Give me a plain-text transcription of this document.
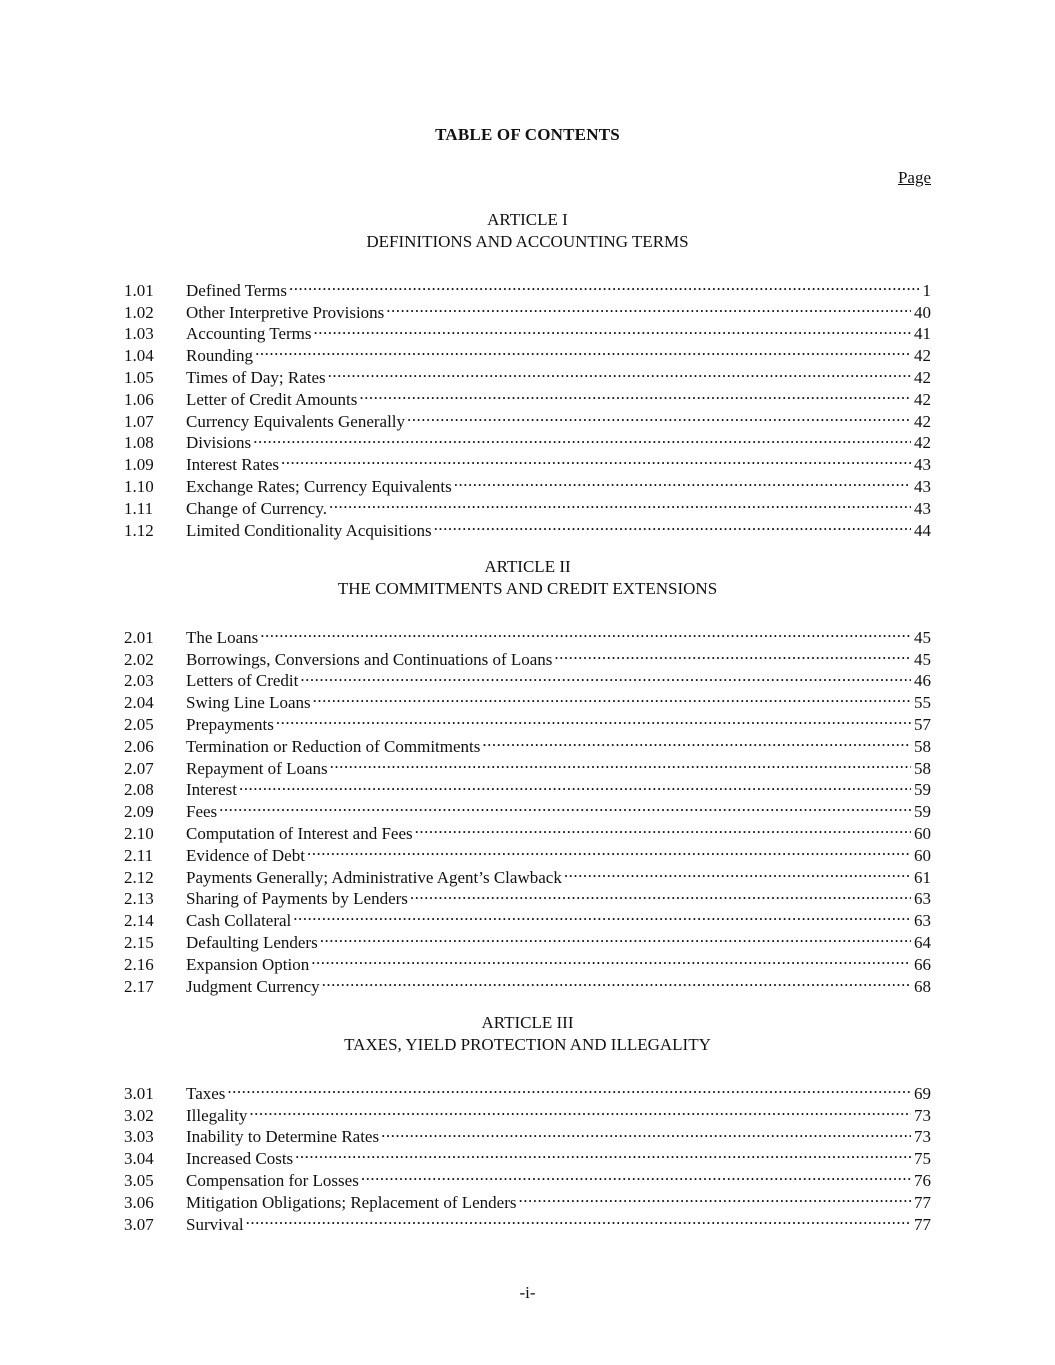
TABLE OF CONTENTS
Page
ARTICLE I
DEFINITIONS AND ACCOUNTING TERMS
1.01	Defined Terms .....	1
1.02	Other Interpretive Provisions .....	40
1.03	Accounting Terms .....	41
1.04	Rounding .....	42
1.05	Times of Day; Rates .....	42
1.06	Letter of Credit Amounts .....	42
1.07	Currency Equivalents Generally .....	42
1.08	Divisions .....	42
1.09	Interest Rates .....	43
1.10	Exchange Rates; Currency Equivalents .....	43
1.11	Change of Currency. .....	43
1.12	Limited Conditionality Acquisitions .....	44
ARTICLE II
THE COMMITMENTS AND CREDIT EXTENSIONS
2.01	The Loans .....	45
2.02	Borrowings, Conversions and Continuations of Loans .....	45
2.03	Letters of Credit .....	46
2.04	Swing Line Loans .....	55
2.05	Prepayments .....	57
2.06	Termination or Reduction of Commitments .....	58
2.07	Repayment of Loans .....	58
2.08	Interest .....	59
2.09	Fees .....	59
2.10	Computation of Interest and Fees .....	60
2.11	Evidence of Debt .....	60
2.12	Payments Generally; Administrative Agent’s Clawback .....	61
2.13	Sharing of Payments by Lenders .....	63
2.14	Cash Collateral .....	63
2.15	Defaulting Lenders .....	64
2.16	Expansion Option .....	66
2.17	Judgment Currency .....	68
ARTICLE III
TAXES, YIELD PROTECTION AND ILLEGALITY
3.01	Taxes .....	69
3.02	Illegality .....	73
3.03	Inability to Determine Rates .....	73
3.04	Increased Costs .....	75
3.05	Compensation for Losses .....	76
3.06	Mitigation Obligations; Replacement of Lenders .....	77
3.07	Survival .....	77
-i-
